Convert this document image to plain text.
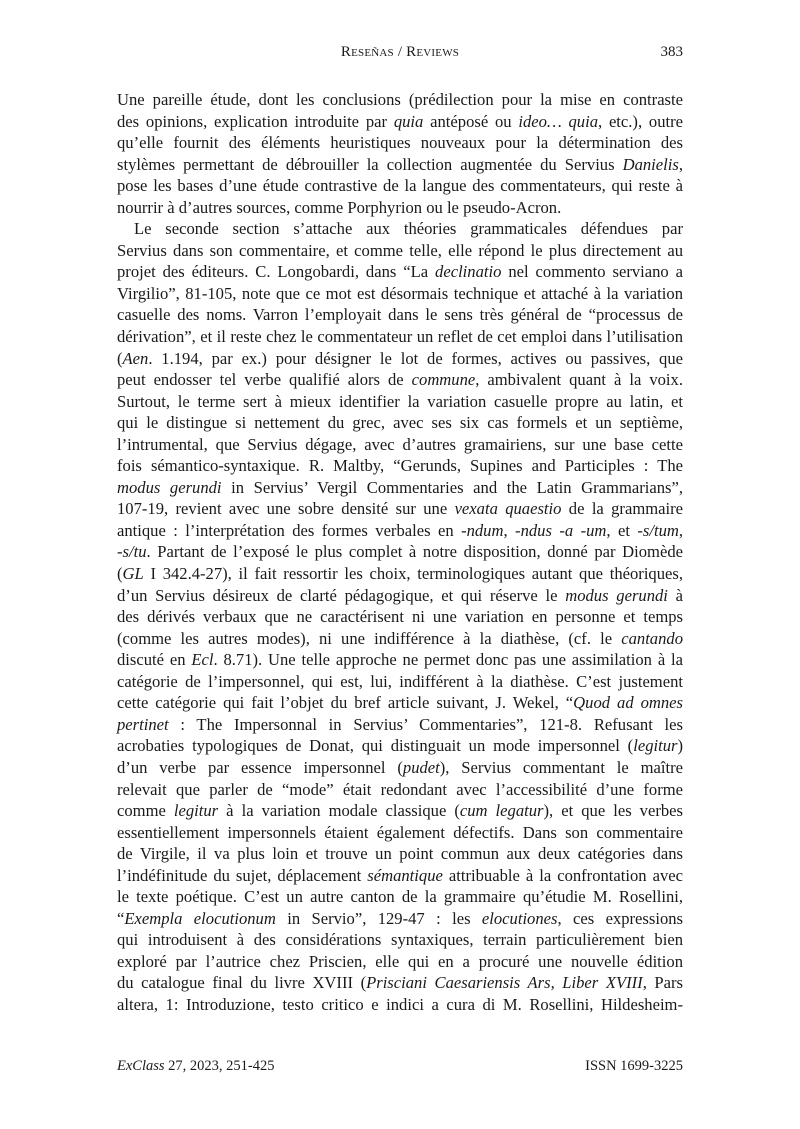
Reseñas / Reviews	383
Une pareille étude, dont les conclusions (prédilection pour la mise en contraste
des opinions, explication introduite par quia antéposé ou ideo… quia, etc.), outre
qu’elle fournit des éléments heuristiques nouveaux pour la détermination des
stylèmes permettant de débrouiller la collection augmentée du Servius Danielis,
pose les bases d’une étude contrastive de la langue des commentateurs, qui reste à
nourrir à d’autres sources, comme Porphyrion ou le pseudo-Acron.
Le seconde section s’attache aux théories grammaticales défendues par
Servius dans son commentaire, et comme telle, elle répond le plus directement au
projet des éditeurs. C. Longobardi, dans “La declinatio nel commento serviano a
Virgilio”, 81-105, note que ce mot est désormais technique et attaché à la variation
casuelle des noms. Varron l’employait dans le sens très général de “processus de
dérivation”, et il reste chez le commentateur un reflet de cet emploi dans l’utilisation
(Aen. 1.194, par ex.) pour désigner le lot de formes, actives ou passives, que
peut endosser tel verbe qualifié alors de commune, ambivalent quant à la voix.
Surtout, le terme sert à mieux identifier la variation casuelle propre au latin, et
qui le distingue si nettement du grec, avec ses six cas formels et un septième,
l’intrumental, que Servius dégage, avec d’autres gramairiens, sur une base cette
fois sémantico-syntaxique. R. Maltby, “Gerunds, Supines and Participles : The
modus gerundi in Servius’ Vergil Commentaries and the Latin Grammarians”,
107-19, revient avec une sobre densité sur une vexata quaestio de la grammaire
antique : l’interprétation des formes verbales en -ndum, -ndus -a -um, et -s/tum,
-s/tu. Partant de l’exposé le plus complet à notre disposition, donné par Diomède
(GL I 342.4-27), il fait ressortir les choix, terminologiques autant que théoriques,
d’un Servius désireux de clarté pédagogique, et qui réserve le modus gerundi à
des dérivés verbaux que ne caractérisent ni une variation en personne et temps
(comme les autres modes), ni une indifférence à la diathèse, (cf. le cantando
discuté en Ecl. 8.71). Une telle approche ne permet donc pas une assimilation à la
catégorie de l’impersonnel, qui est, lui, indifférent à la diathèse. C’est justement
cette catégorie qui fait l’objet du bref article suivant, J. Wekel, “Quod ad omnes
pertinet : The Impersonnal in Servius’ Commentaries”, 121-8. Refusant les
acrobaties typologiques de Donat, qui distinguait un mode impersonnel (legitur)
d’un verbe par essence impersonnel (pudet), Servius commentant le maître
relevait que parler de “mode” était redondant avec l’accessibilité d’une forme
comme legitur à la variation modale classique (cum legatur), et que les verbes
essentiellement impersonnels étaient également défectifs. Dans son commentaire
de Virgile, il va plus loin et trouve un point commun aux deux catégories dans
l’indéfinitude du sujet, déplacement sémantique attribuable à la confrontation avec
le texte poétique. C’est un autre canton de la grammaire qu’étudie M. Rosellini,
“Exempla elocutionum in Servio”, 129-47 : les elocutiones, ces expressions
qui introduisent à des considérations syntaxiques, terrain particulièrement bien
exploré par l’autrice chez Priscien, elle qui en a procuré une nouvelle édition
du catalogue final du livre XVIII (Prisciani Caesariensis Ars, Liber XVIII, Pars
altera, 1: Introduzione, testo critico e indici a cura di M. Rosellini, Hildesheim-
ExClass 27, 2023, 251-425	ISSN 1699-3225
